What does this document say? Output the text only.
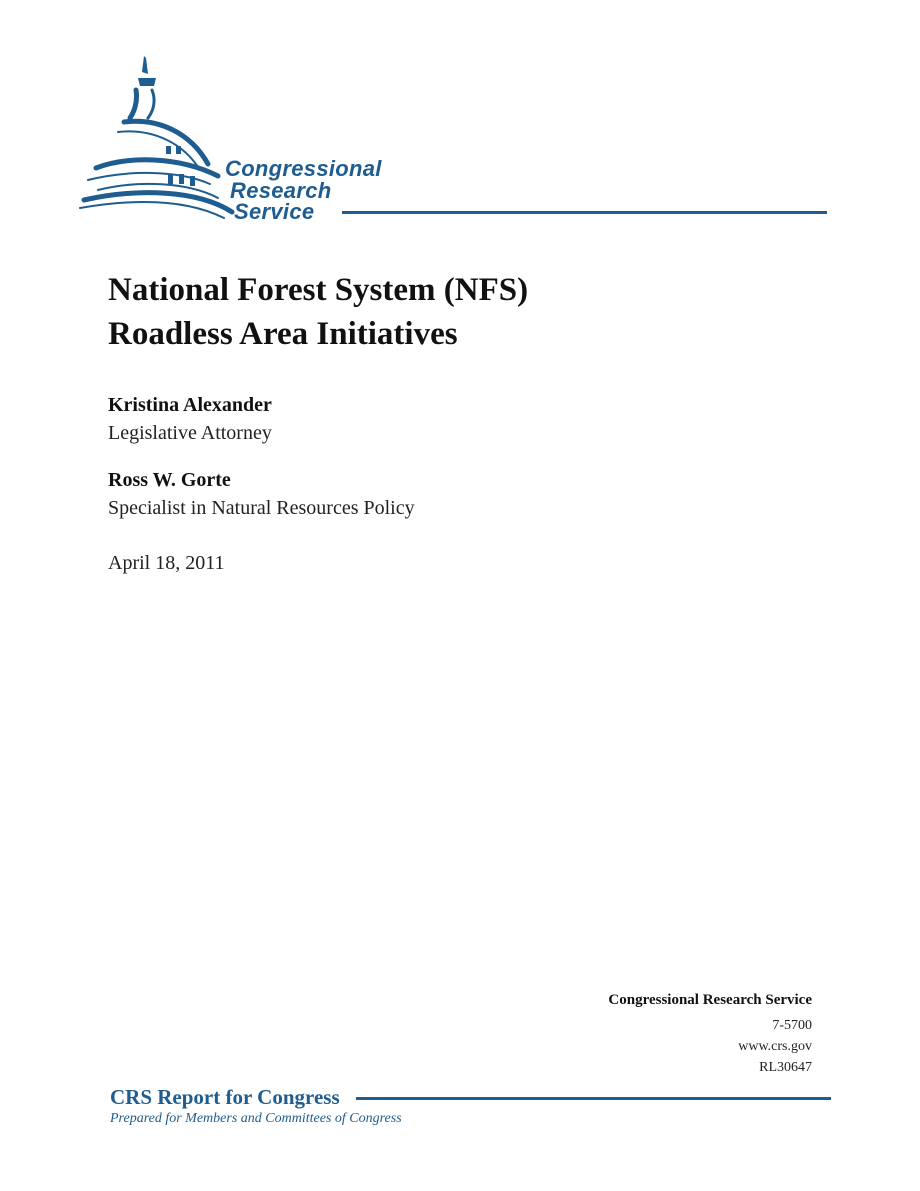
Congressional
Research
Service
National Forest System (NFS)
Roadless Area Initiatives
Kristina Alexander
Legislative Attorney
Ross W. Gorte
Specialist in Natural Resources Policy
April 18, 2011
Congressional Research Service
7-5700
www.crs.gov
RL30647
CRS Report for Congress
Prepared for Members and Committees of Congress
